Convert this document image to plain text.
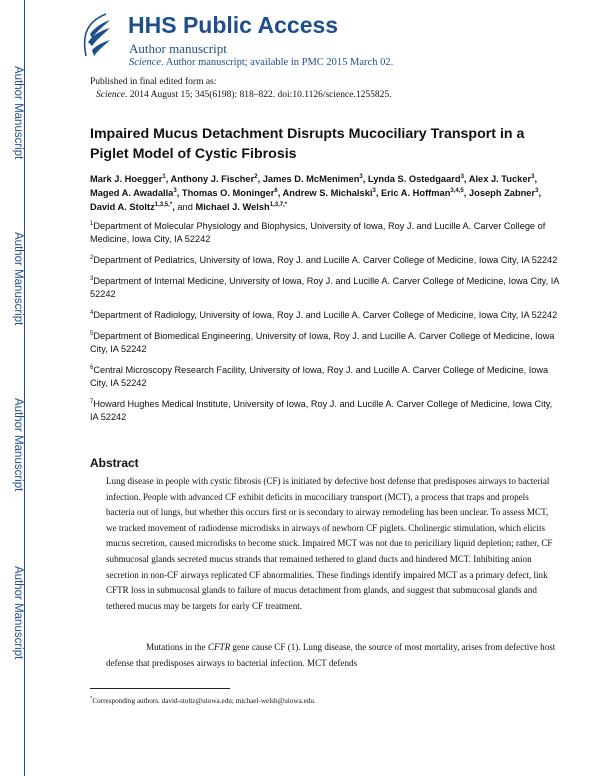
Author Manuscript
Author Manuscript
Author Manuscript
Author Manuscript
HHS Public Access
Author manuscript
Science. Author manuscript; available in PMC 2015 March 02.
Published in final edited form as:
Science. 2014 August 15; 345(6198): 818–822. doi:10.1126/science.1255825.
Impaired Mucus Detachment Disrupts Mucociliary Transport in a Piglet Model of Cystic Fibrosis
Mark J. Hoegger$^1$, Anthony J. Fischer$^2$, James D. McMenimen$^3$, Lynda S. Ostedgaard$^3$, Alex J. Tucker$^3$, Maged A. Awadalla$^3$, Thomas O. Moninger$^6$, Andrew S. Michalski$^3$, Eric A. Hoffman$^{3,4,5}$, Joseph Zabner$^3$, David A. Stoltz$^{1,3,5,*}$, and Michael J. Welsh$^{1,3,7,*}$

$^1$Department of Molecular Physiology and Biophysics, University of Iowa, Roy J. and Lucille A. Carver College of Medicine, Iowa City, IA 52242

$^2$Department of Pediatrics, University of Iowa, Roy J. and Lucille A. Carver College of Medicine, Iowa City, IA 52242

$^3$Department of Internal Medicine, University of Iowa, Roy J. and Lucille A. Carver College of Medicine, Iowa City, IA 52242

$^4$Department of Radiology, University of Iowa, Roy J. and Lucille A. Carver College of Medicine, Iowa City, IA 52242

$^5$Department of Biomedical Engineering, University of Iowa, Roy J. and Lucille A. Carver College of Medicine, Iowa City, IA 52242

$^6$Central Microscopy Research Facility, University of Iowa, Roy J. and Lucille A. Carver College of Medicine, Iowa City, IA 52242

$^7$Howard Hughes Medical Institute, University of Iowa, Roy J. and Lucille A. Carver College of Medicine, Iowa City, IA 52242

Abstract
Lung disease in people with cystic fibrosis (CF) is initiated by defective host defense that predisposes airways to bacterial infection. People with advanced CF exhibit deficits in mucociliary transport (MCT), a process that traps and propels bacteria out of lungs, but whether this occurs first or is secondary to airway remodeling has been unclear. To assess MCT, we tracked movement of radiodense microdisks in airways of newborn CF piglets. Cholinergic stimulation, which elicits mucus secretion, caused microdisks to become stuck. Impaired MCT was not due to periciliary liquid depletion; rather, CF submucosal glands secreted mucus strands that remained tethered to gland ducts and hindered MCT. Inhibiting anion secretion in non-CF airways replicated CF abnormalities. These findings identify impaired MCT as a primary defect, link CFTR loss in submucosal glands to failure of mucus detachment from glands, and suggest that submucosal glands and tethered mucus may be targets for early CF treatment.
Mutations in the CFTR gene cause CF (1). Lung disease, the source of most mortality, arises from defective host defense that predisposes airways to bacterial infection. MCT defends
*Corresponding authors. david-stoltz@uiowa.edu; michael-welsh@uiowa.edu.
